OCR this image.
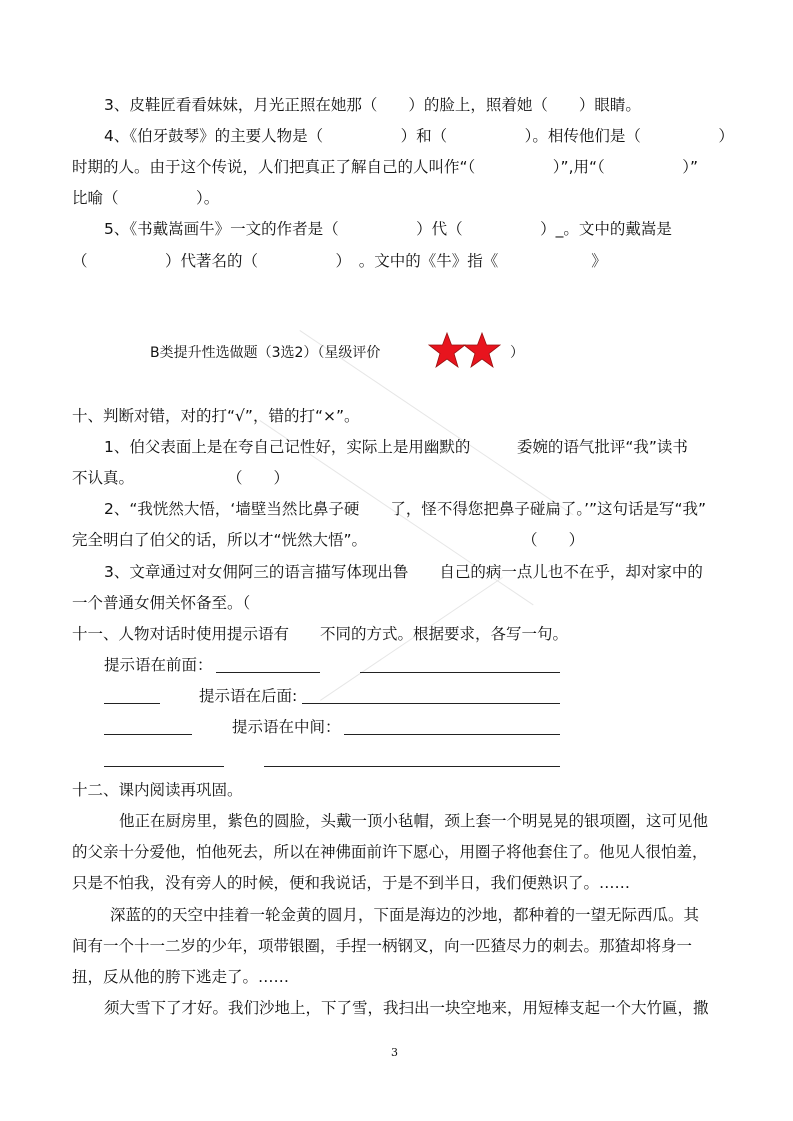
3、皮鞋匠看看妹妹，月光正照在她那（　　）的脸上，照着她（　　）眼睛。
4、《伯牙鼓琴》的主要人物是（　　　　　）和（　　　　　）。相传他们是（　　　　　）
时期的人。由于这个传说，人们把真正了解自己的人叫作“（　　　　　）”,用“（　　　　　）”
比喻（　　　　　）。
5、《书戴嵩画牛》一文的作者是（　　　　　）代（　　　　　）_。文中的戴嵩是
（　　　　　）代著名的（　　　　　）　。文中的《牛》指《　　　　　　》
B类提升性选做题（3选2）（星级评价	）
十、判断对错，对的打“√”，错的打“×”。
1、伯父表面上是在夸自己记性好，实际上是用幽默的　　　委婉的语气批评“我”读书
不认真。　　　　　　　（　　）
2、“我恍然大悟，‘墙壁当然比鼻子硬　　了，怪不得您把鼻子碰扁了。’”这句话是写“我”
完全明白了伯父的话，所以才“恍然大悟”。　　　　　　　　　　　（　　）
3、文章通过对女佣阿三的语言描写体现出鲁　　自己的病一点儿也不在乎，却对家中的
一个普通女佣关怀备至。（
十一、人物对话时使用提示语有　　不同的方式。根据要求，各写一句。
提示语在前面：
提示语在后面:
提示语在中间：
十二、课内阅读再巩固。
他正在厨房里，紫色的圆脸，头戴一顶小毡帽，颈上套一个明晃晃的银项圈，这可见他
的父亲十分爱他，怕他死去，所以在神佛面前许下愿心，用圈子将他套住了。他见人很怕羞，
只是不怕我，没有旁人的时候，便和我说话，于是不到半日，我们便熟识了。……
深蓝的的天空中挂着一轮金黄的圆月，下面是海边的沙地，都种着的一望无际西瓜。其
间有一个十一二岁的少年，项带银圈，手捏一柄钢叉，向一匹猹尽力的刺去。那猹却将身一
扭，反从他的胯下逃走了。……
须大雪下了才好。我们沙地上，下了雪，我扫出一块空地来，用短棒支起一个大竹匾，撒
3
